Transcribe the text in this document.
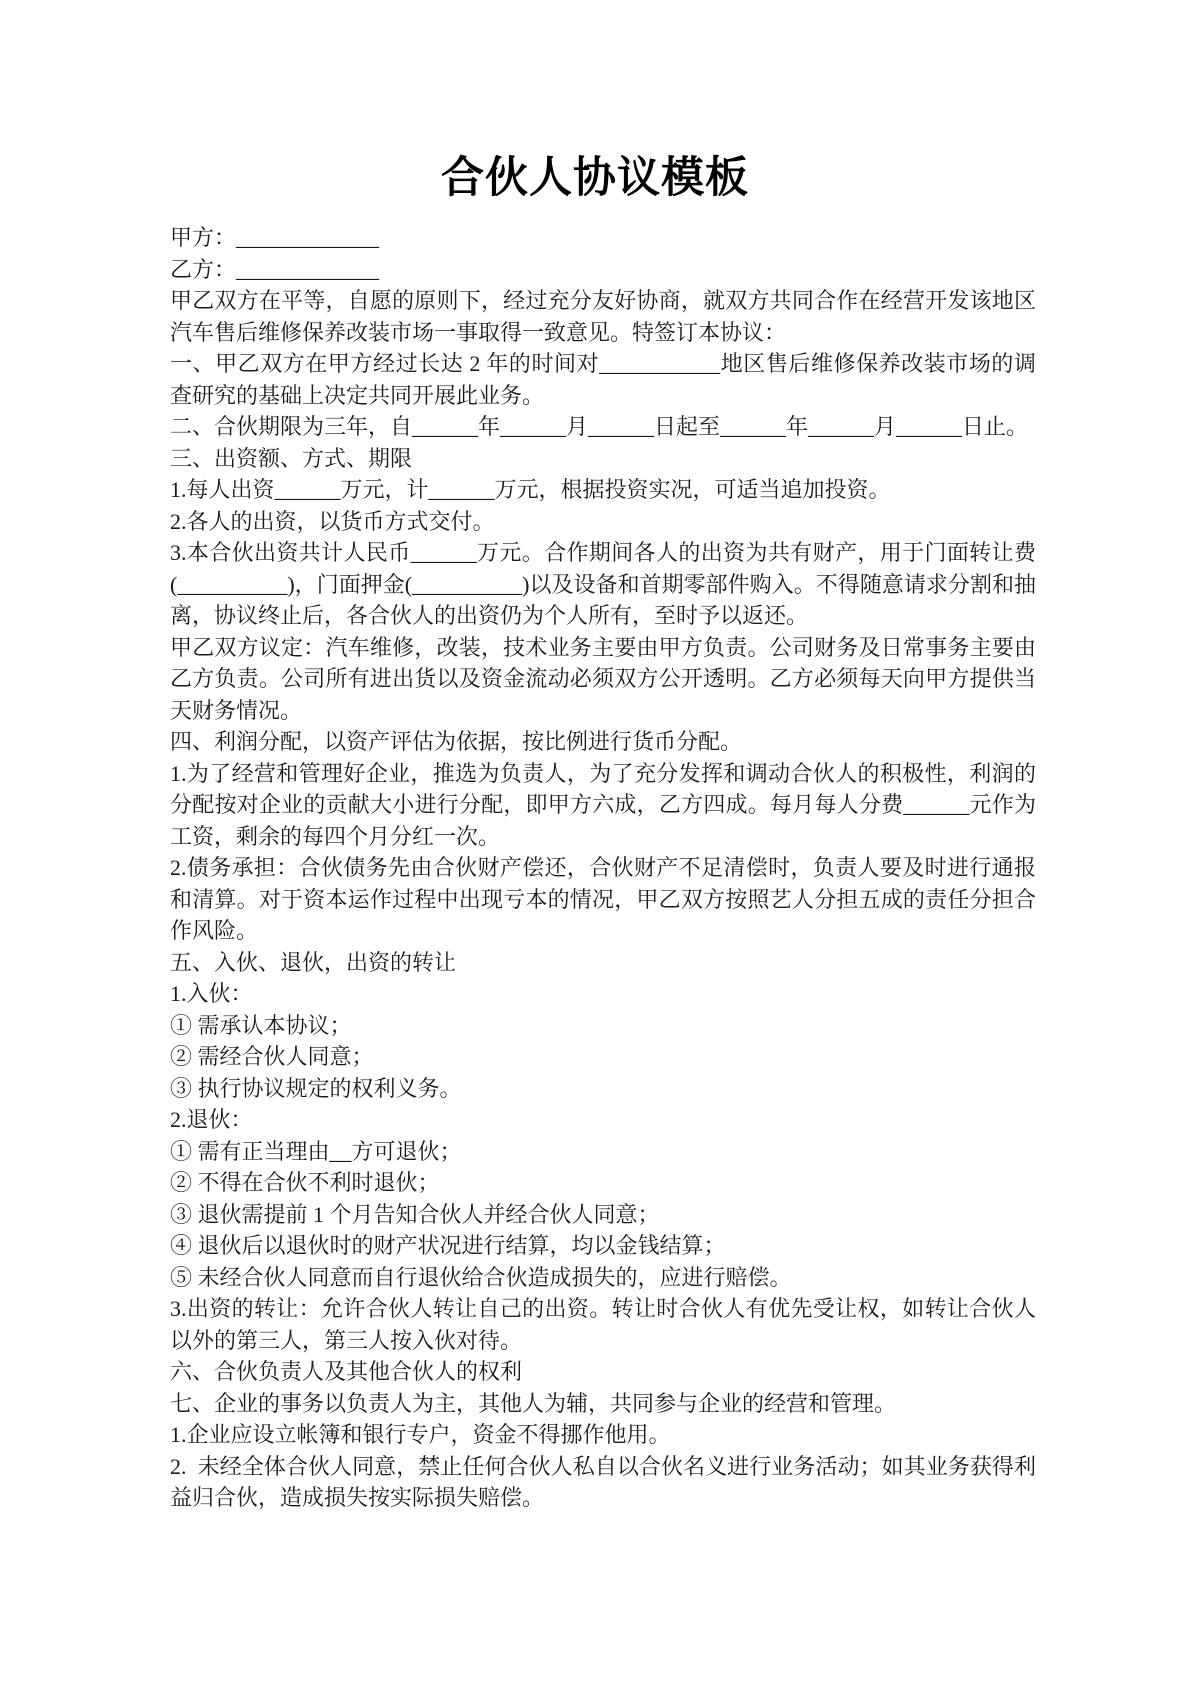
合伙人协议模板

甲方：_____________

乙方：_____________

甲乙双方在平等，自愿的原则下，经过充分友好协商，就双方共同合作在经营开发该地区汽车售后维修保养改装市场一事取得一致意见。特签订本协议：

一、甲乙双方在甲方经过长达 2 年的时间对___________地区售后维修保养改装市场的调查研究的基础上决定共同开展此业务。

二、合伙期限为三年，自______年______月______日起至______年______月______日止。

三、出资额、方式、期限

1.每人出资______万元，计______万元，根据投资实况，可适当追加投资。

2.各人的出资，以货币方式交付。

3.本合伙出资共计人民币______万元。合作期间各人的出资为共有财产，用于门面转让费(__________)，门面押金(__________)以及设备和首期零部件购入。不得随意请求分割和抽离，协议终止后，各合伙人的出资仍为个人所有，至时予以返还。

甲乙双方议定：汽车维修，改装，技术业务主要由甲方负责。公司财务及日常事务主要由乙方负责。公司所有进出货以及资金流动必须双方公开透明。乙方必须每天向甲方提供当天财务情况。

四、利润分配，以资产评估为依据，按比例进行货币分配。

1.为了经营和管理好企业，推选为负责人，为了充分发挥和调动合伙人的积极性，利润的分配按对企业的贡献大小进行分配，即甲方六成，乙方四成。每月每人分费______元作为工资，剩余的每四个月分红一次。

2.债务承担：合伙债务先由合伙财产偿还，合伙财产不足清偿时，负责人要及时进行通报和清算。对于资本运作过程中出现亏本的情况，甲乙双方按照艺人分担五成的责任分担合作风险。

五、入伙、退伙，出资的转让

1.入伙：

① 需承认本协议；

② 需经合伙人同意；

③ 执行协议规定的权利义务。

2.退伙：

① 需有正当理由__方可退伙；

② 不得在合伙不利时退伙；

③ 退伙需提前 1 个月告知合伙人并经合伙人同意；

④ 退伙后以退伙时的财产状况进行结算，均以金钱结算；

⑤ 未经合伙人同意而自行退伙给合伙造成损失的，应进行赔偿。

3.出资的转让：允许合伙人转让自己的出资。转让时合伙人有优先受让权，如转让合伙人以外的第三人，第三人按入伙对待。

六、合伙负责人及其他合伙人的权利

七、企业的事务以负责人为主，其他人为辅，共同参与企业的经营和管理。

1.企业应设立帐簿和银行专户，资金不得挪作他用。

2.  未经全体合伙人同意，禁止任何合伙人私自以合伙名义进行业务活动；如其业务获得利益归合伙，造成损失按实际损失赔偿。
